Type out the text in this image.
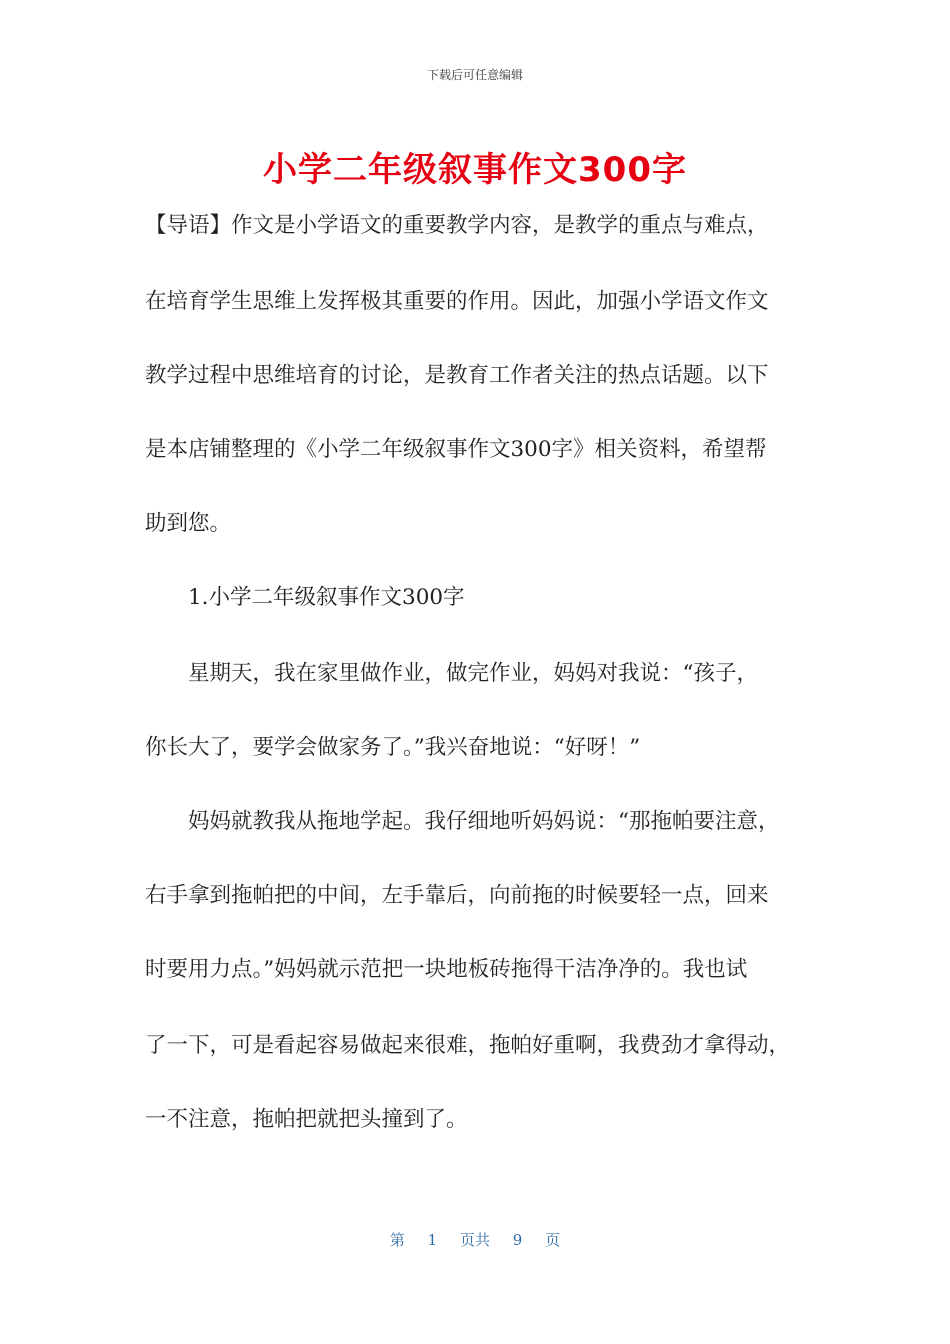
下载后可任意编辑
小学二年级叙事作文300字
【导语】作文是小学语文的重要教学内容，是教学的重点与难点，
在培育学生思维上发挥极其重要的作用。因此，加强小学语文作文
教学过程中思维培育的讨论，是教育工作者关注的热点话题。以下
是本店铺整理的《小学二年级叙事作文300字》相关资料，希望帮
助到您。
　　1.小学二年级叙事作文300字
　　星期天，我在家里做作业，做完作业，妈妈对我说：“孩子，
你长大了，要学会做家务了。”我兴奋地说：“好呀！”
　　妈妈就教我从拖地学起。我仔细地听妈妈说：“那拖帕要注意，
右手拿到拖帕把的中间，左手靠后，向前拖的时候要轻一点，回来
时要用力点。”妈妈就示范把一块地板砖拖得干洁净净的。我也试
了一下，可是看起容易做起来很难，拖帕好重啊，我费劲才拿得动，
一不注意，拖帕把就把头撞到了。
第 1 页共 9 页
